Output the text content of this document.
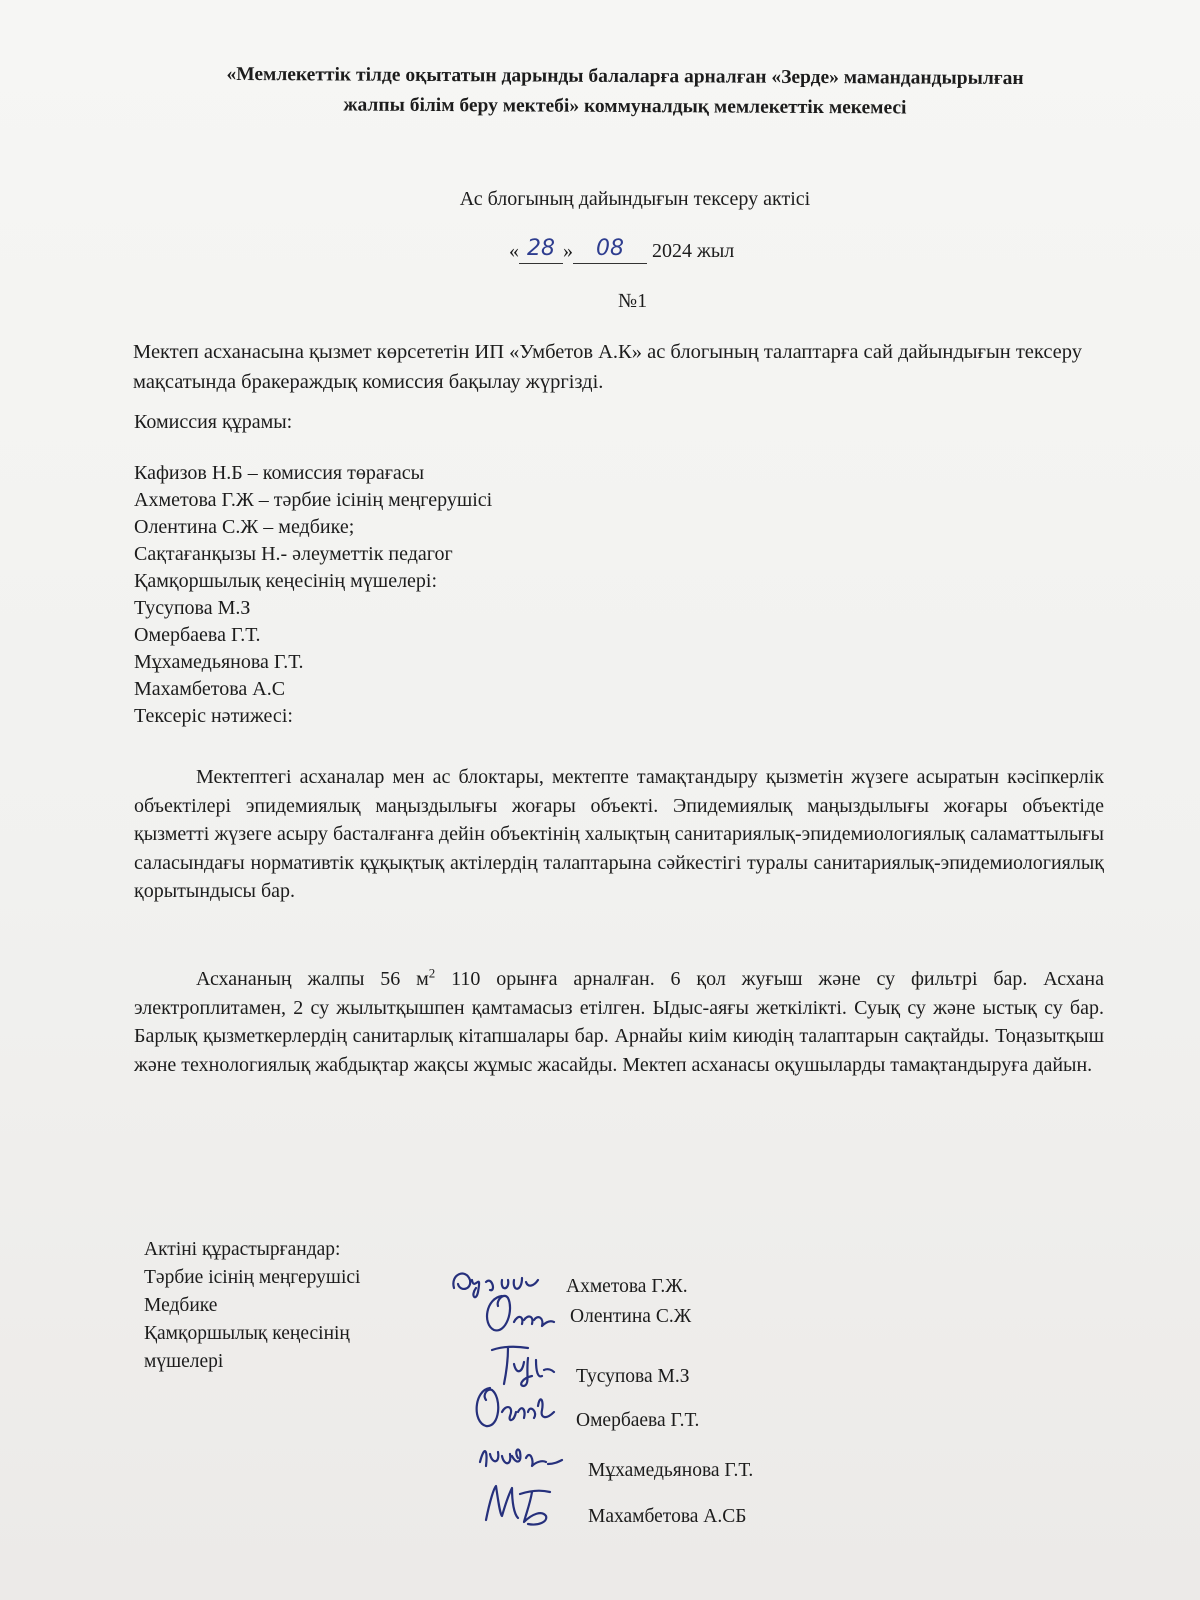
«Мемлекеттік тілде оқытатын дарынды балаларға арналған «Зерде» мамандандырылған
жалпы білім беру мектебі» коммуналдық мемлекеттік мекемесі
Ас блогының дайындығын тексеру актісі
« 28 » 08 2024 жыл
№1
Мектеп асханасына қызмет көрсететін ИП «Умбетов А.К» ас блогының талаптарға сай дайындығын тексеру мақсатында бракераждық комиссия бақылау жүргізді.
Комиссия құрамы:
Кафизов Н.Б – комиссия төрағасы
Ахметова Г.Ж – тәрбие ісінің меңгерушісі
Олентина С.Ж – медбике;
Сақтағанқызы Н.- әлеуметтік педагог
Қамқоршылық кеңесінің мүшелері:
Тусупова М.З
Омербаева Г.Т.
Мұхамедьянова Г.Т.
Махамбетова А.С
Тексеріс нәтижесі:
Мектептегі асханалар мен ас блоктары, мектепте тамақтандыру қызметін жүзеге асыратын кәсіпкерлік объектілері эпидемиялық маңыздылығы жоғары объекті. Эпидемиялық маңыздылығы жоғары объектіде қызметті жүзеге асыру басталғанға дейін объектінің халықтың санитариялық-эпидемиологиялық саламаттылығы саласындағы нормативтік құқықтық актілердің талаптарына сәйкестігі туралы санитариялық-эпидемиологиялық қорытындысы бар.
Асхананың жалпы 56 $м^2$ 110 орынға арналған. 6 қол жуғыш және су фильтрі бар. Асхана электроплитамен, 2 су жылытқышпен қамтамасыз етілген. Ыдыс-аяғы жеткілікті. Суық су және ыстық су бар. Барлық қызметкерлердің санитарлық кітапшалары бар. Арнайы киім киюдің талаптарын сақтайды. Тоңазытқыш және технологиялық жабдықтар жақсы жұмыс жасайды. Мектеп асханасы оқушыларды тамақтандыруға дайын.
Актіні құрастырғандар:
Тәрбие ісінің меңгерушісі
Медбике
Қамқоршылық кеңесінің
мүшелері
Ахметова Г.Ж.
Олентина С.Ж
Тусупова М.З
Омербаева Г.Т.
Мұхамедьянова Г.Т.
Махамбетова А.СБ
